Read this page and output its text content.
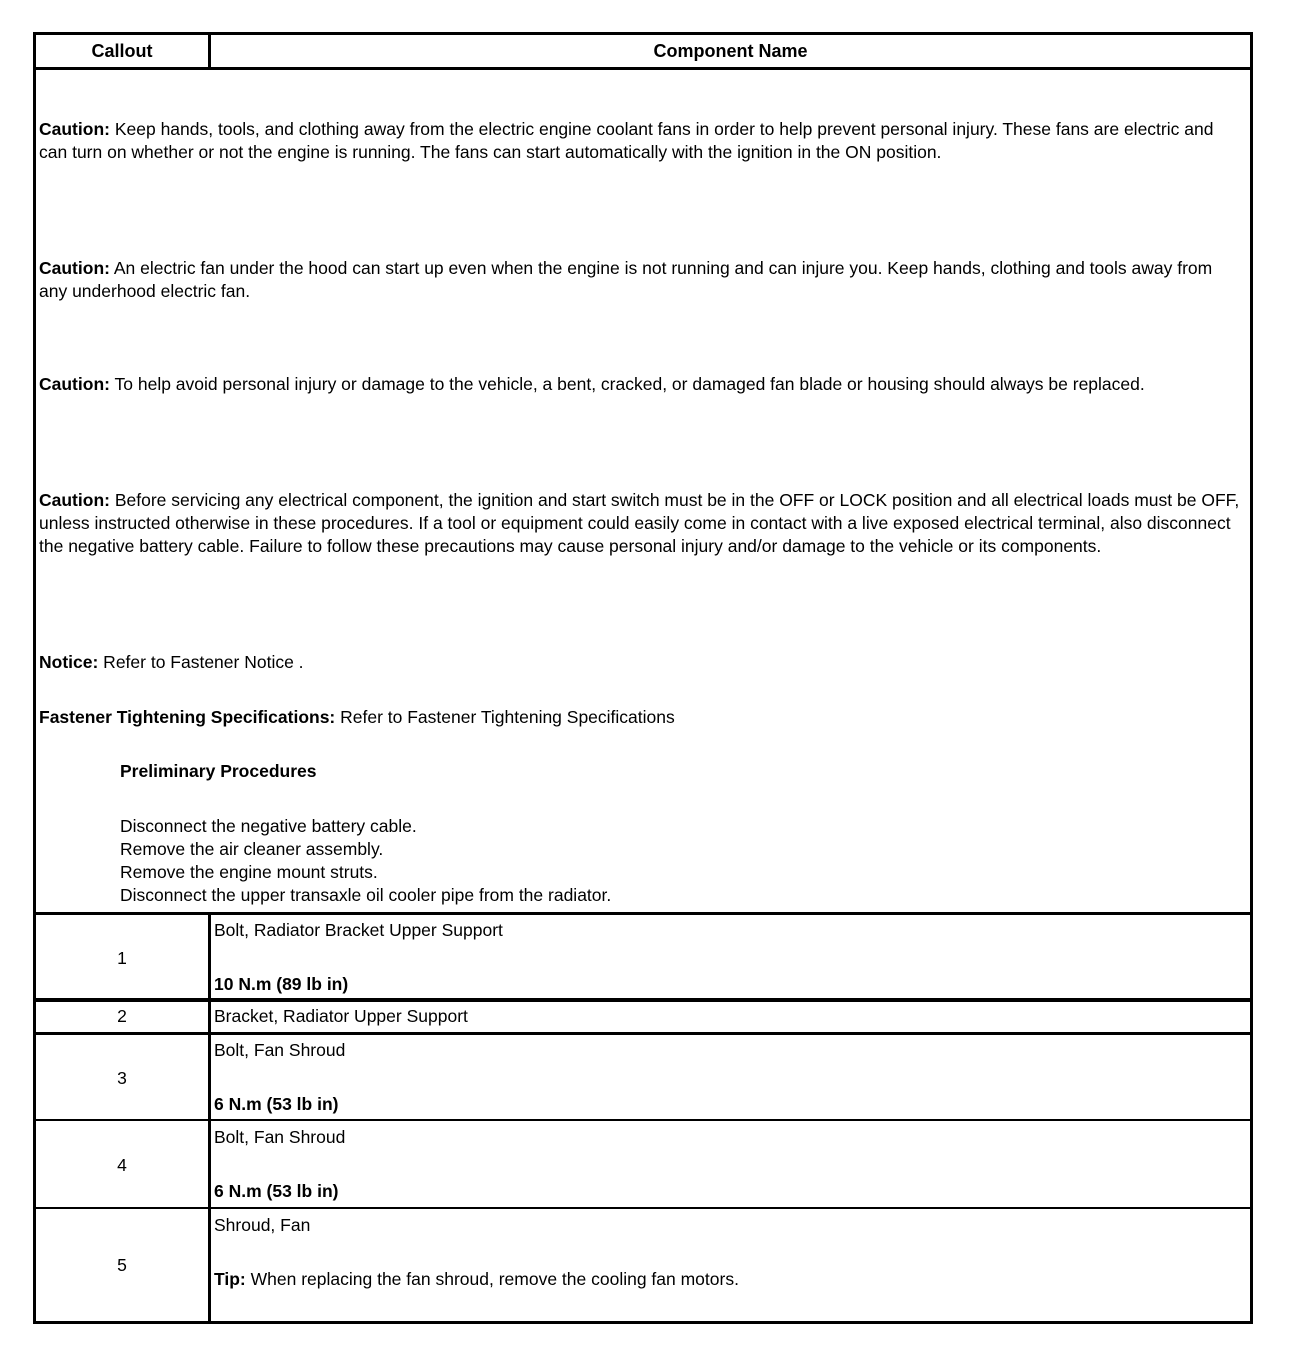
Callout	Component Name

Caution: Keep hands, tools, and clothing away from the electric engine coolant fans in order to help prevent personal injury. These fans are electric and can turn on whether or not the engine is running. The fans can start automatically with the ignition in the ON position.

Caution: An electric fan under the hood can start up even when the engine is not running and can injure you. Keep hands, clothing and tools away from any underhood electric fan.

Caution: To help avoid personal injury or damage to the vehicle, a bent, cracked, or damaged fan blade or housing should always be replaced.

Caution: Before servicing any electrical component, the ignition and start switch must be in the OFF or LOCK position and all electrical loads must be OFF, unless instructed otherwise in these procedures. If a tool or equipment could easily come in contact with a live exposed electrical terminal, also disconnect the negative battery cable. Failure to follow these precautions may cause personal injury and/or damage to the vehicle or its components.

Notice: Refer to Fastener Notice .

Fastener Tightening Specifications: Refer to Fastener Tightening Specifications

Preliminary Procedures

Disconnect the negative battery cable.
Remove the air cleaner assembly.
Remove the engine mount struts.
Disconnect the upper transaxle oil cooler pipe from the radiator.
1
Bolt, Radiator Bracket Upper Support
10 N.m (89 lb in)
2	Bracket, Radiator Upper Support
3
Bolt, Fan Shroud
6 N.m (53 lb in)
4
Bolt, Fan Shroud
6 N.m (53 lb in)
5
Shroud, Fan
Tip: When replacing the fan shroud, remove the cooling fan motors.
